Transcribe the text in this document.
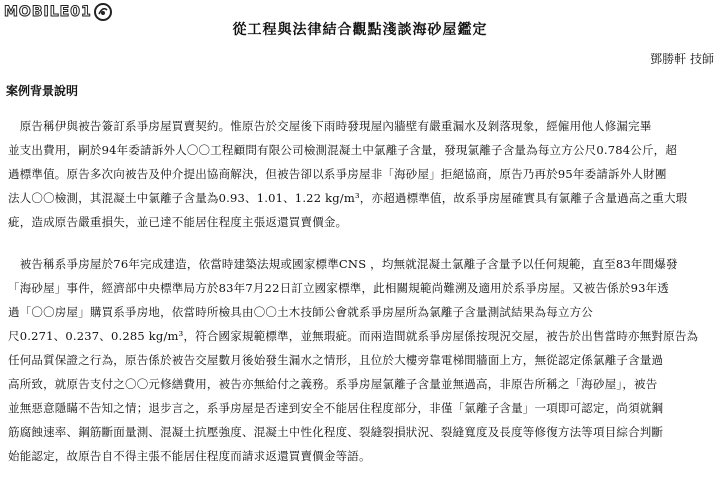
MOBILE01
從工程與法律結合觀點淺談海砂屋鑑定
鄧勝軒 技師
案例背景說明
　原告稱伊與被告簽訂系爭房屋買賣契約。惟原告於交屋後下雨時發現屋內牆壁有嚴重漏水及剝落現象，經僱用他人修漏完畢
並支出費用，嗣於94年委請訴外人〇〇工程顧問有限公司檢測混凝土中氯離子含量，發現氯離子含量為每立方公尺0.784公斤，超
過標準值。原告多次向被告及仲介提出協商解決，但被告卻以系爭房屋非「海砂屋」拒絕協商，原告乃再於95年委請訴外人財團
法人〇〇檢測，其混凝土中氯離子含量為0.93、1.01、1.22 kg/m³，亦超過標準值，故系爭房屋確實具有氯離子含量過高之重大瑕
疵，造成原告嚴重損失，並已達不能居住程度主張返還買賣價金。
　被告稱系爭房屋於76年完成建造，依當時建築法規或國家標準CNS ，均無就混凝土氯離子含量予以任何規範，直至83年間爆發
「海砂屋」事件，經濟部中央標準局方於83年7月22日訂立國家標準，此相關規範尚難溯及適用於系爭房屋。又被告係於93年透
過「〇〇房屋」購買系爭房地，依當時所檢具由〇〇土木技師公會就系爭房屋所為氯離子含量測試結果為每立方公
尺0.271、0.237、0.285 kg/m³，符合國家規範標準，並無瑕疵。而兩造間就系爭房屋係按現況交屋，被告於出售當時亦無對原告為
任何品質保證之行為，原告係於被告交屋數月後始發生漏水之情形，且位於大樓旁靠電梯間牆面上方，無從認定係氯離子含量過
高所致，就原告支付之〇〇元修繕費用，被告亦無給付之義務。系爭房屋氯離子含量並無過高，非原告所稱之「海砂屋」，被告
並無惡意隱瞞不告知之情；退步言之，系爭房屋是否達到安全不能居住程度部分，非僅「氯離子含量」一項即可認定，尚須就鋼
筋腐蝕速率、鋼筋斷面量測、混凝土抗壓強度、混凝土中性化程度、裂縫裂損狀況、裂縫寬度及長度等修復方法等項目綜合判斷
始能認定，故原告自不得主張不能居住程度而請求返還買賣價金等語。
